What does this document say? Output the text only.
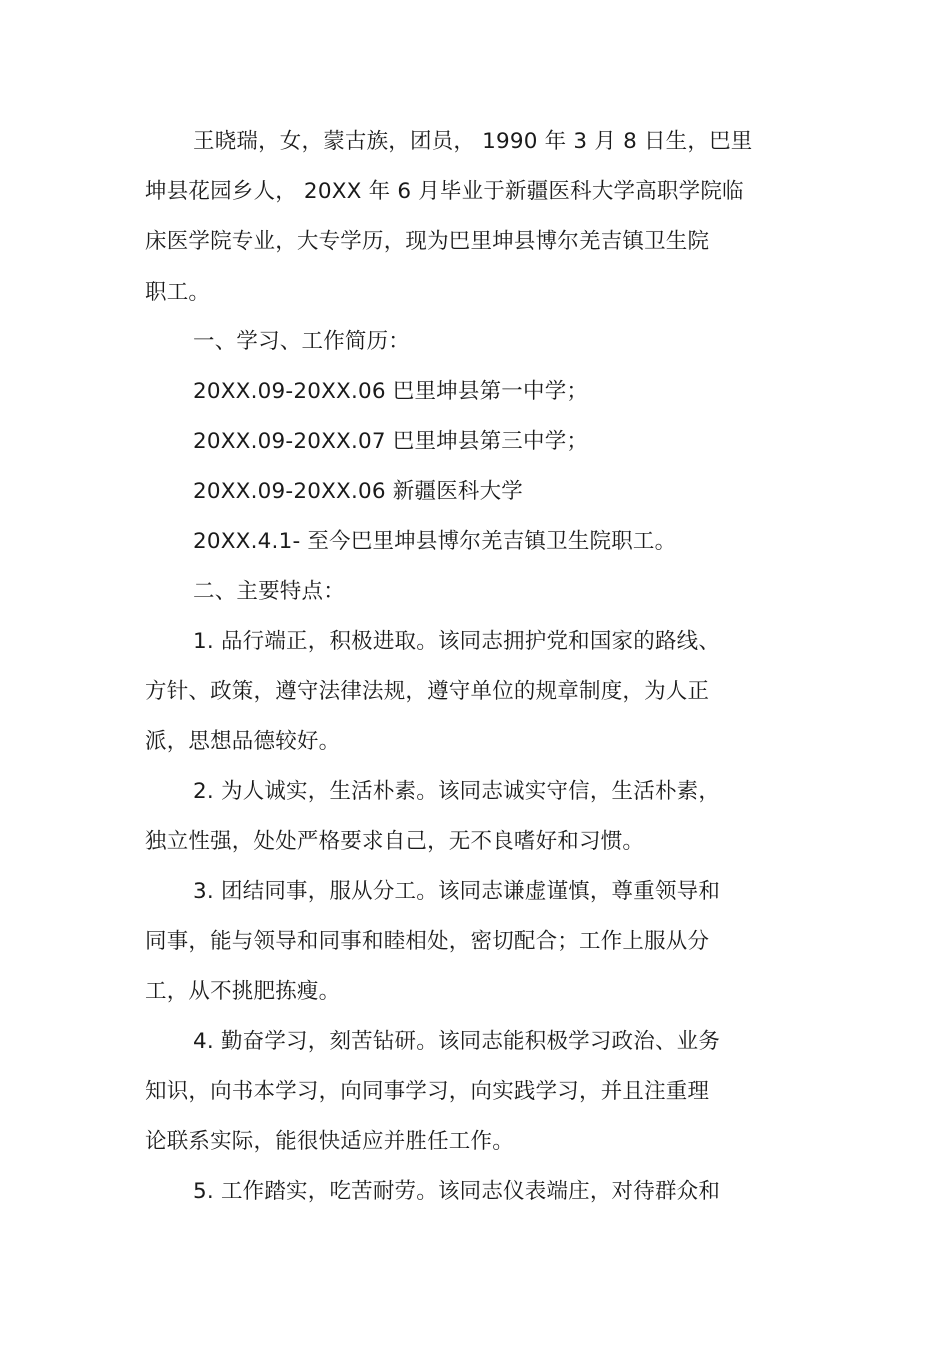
王晓瑞，女，蒙古族，团员， 1990 年 3 月 8 日生，巴里
坤县花园乡人， 20XX 年 6 月毕业于新疆医科大学高职学院临
床医学院专业，大专学历，现为巴里坤县博尔羌吉镇卫生院
职工。
一、学习、工作简历：
20XX.09-20XX.06 巴里坤县第一中学；
20XX.09-20XX.07 巴里坤县第三中学；
20XX.09-20XX.06 新疆医科大学
20XX.4.1- 至今巴里坤县博尔羌吉镇卫生院职工。
二、主要特点：
1. 品行端正，积极进取。该同志拥护党和国家的路线、
方针、政策，遵守法律法规，遵守单位的规章制度，为人正
派，思想品德较好。
2. 为人诚实，生活朴素。该同志诚实守信，生活朴素，
独立性强，处处严格要求自己，无不良嗜好和习惯。
3. 团结同事，服从分工。该同志谦虚谨慎，尊重领导和
同事，能与领导和同事和睦相处，密切配合；工作上服从分
工，从不挑肥拣瘦。
4. 勤奋学习，刻苦钻研。该同志能积极学习政治、业务
知识，向书本学习，向同事学习，向实践学习，并且注重理
论联系实际，能很快适应并胜任工作。
5. 工作踏实，吃苦耐劳。该同志仪表端庄，对待群众和
